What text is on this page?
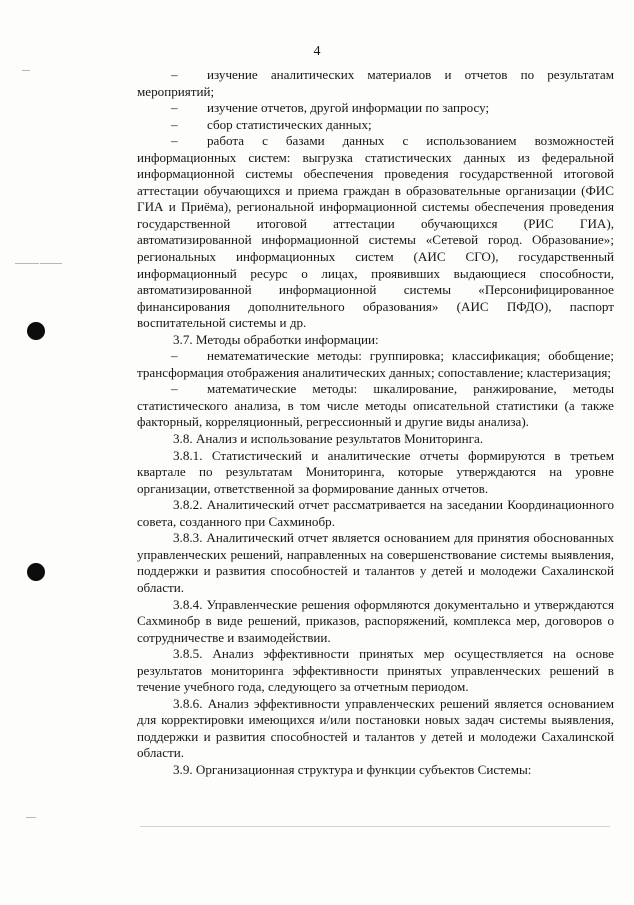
4

– изучение аналитических материалов и отчетов по результатам мероприятий;

– изучение отчетов, другой информации по запросу;

– сбор статистических данных;

– работа с базами данных с использованием возможностей информационных систем: выгрузка статистических данных из федеральной информационной системы обеспечения проведения государственной итоговой аттестации обучающихся и приема граждан в образовательные организации (ФИС ГИА и Приёма), региональной информационной системы обеспечения проведения государственной итоговой аттестации обучающихся (РИС ГИА), автоматизированной информационной системы «Сетевой город. Образование»; региональных информационных систем (АИС СГО), государственный информационный ресурс о лицах, проявивших выдающиеся способности, автоматизированной информационной системы «Персонифицированное финансирования дополнительного образования» (АИС ПФДО), паспорт воспитательной системы и др.

3.7. Методы обработки информации:

– нематематические методы: группировка; классификация; обобщение; трансформация отображения аналитических данных; сопоставление; кластеризация;

– математические методы: шкалирование, ранжирование, методы статистического анализа, в том числе методы описательной статистики (а также факторный, корреляционный, регрессионный и другие виды анализа).

3.8. Анализ и использование результатов Мониторинга.

3.8.1. Статистический и аналитические отчеты формируются в третьем квартале по результатам Мониторинга, которые утверждаются на уровне организации, ответственной за формирование данных отчетов.

3.8.2. Аналитический отчет рассматривается на заседании Координационного совета, созданного при Сахминобр.

3.8.3. Аналитический отчет является основанием для принятия обоснованных управленческих решений, направленных на совершенствование системы выявления, поддержки и развития способностей и талантов у детей и молодежи Сахалинской области.

3.8.4. Управленческие решения оформляются документально и утверждаются Сахминобр в виде решений, приказов, распоряжений, комплекса мер, договоров о сотрудничестве и взаимодействии.

3.8.5. Анализ эффективности принятых мер осуществляется на основе результатов мониторинга эффективности принятых управленческих решений в течение учебного года, следующего за отчетным периодом.

3.8.6. Анализ эффективности управленческих решений является основанием для корректировки имеющихся и/или постановки новых задач системы выявления, поддержки и развития способностей и талантов у детей и молодежи Сахалинской области.

3.9. Организационная структура и функции субъектов Системы:
